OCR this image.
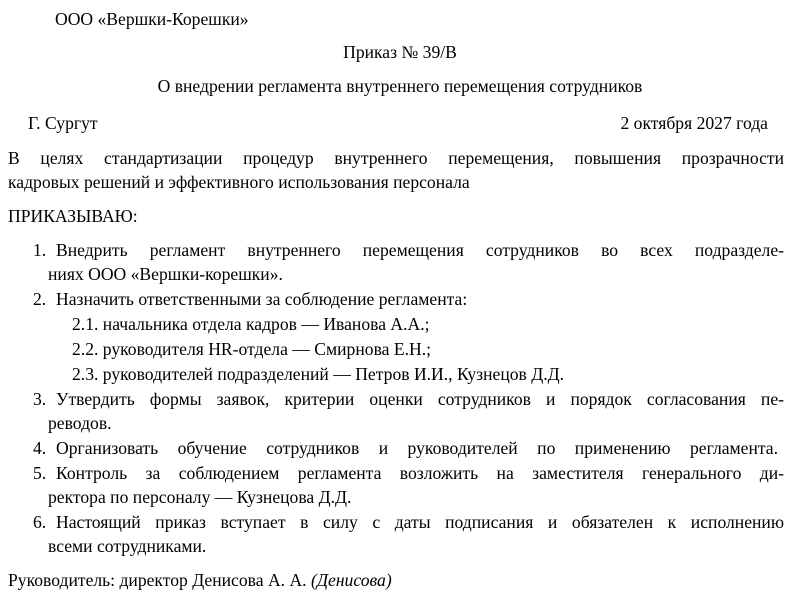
ООО «Вершки-Корешки»
Приказ № 39/В
О внедрении регламента внутреннего перемещения сотрудников
Г. Сургут	2 октября 2027 года
В целях стандартизации процедур внутреннего перемещения, повышения прозрачности
кадровых решений и эффективного использования персонала
ПРИКАЗЫВАЮ:
1. Внедрить регламент внутреннего перемещения сотрудников во всех подразделе-
ниях ООО «Вершки-корешки».
2. Назначить ответственными за соблюдение регламента:
2.1. начальника отдела кадров — Иванова А.А.;
2.2. руководителя HR-отдела — Смирнова Е.Н.;
2.3. руководителей подразделений — Петров И.И., Кузнецов Д.Д.
3. Утвердить формы заявок, критерии оценки сотрудников и порядок согласования пе-
реводов.
4. Организовать обучение сотрудников и руководителей по применению регламента.
5. Контроль за соблюдением регламента возложить на заместителя генерального ди-
ректора по персоналу — Кузнецова Д.Д.
6. Настоящий приказ вступает в силу с даты подписания и обязателен к исполнению
всеми сотрудниками.
Руководитель: директор Денисова А. А. (Денисова)
